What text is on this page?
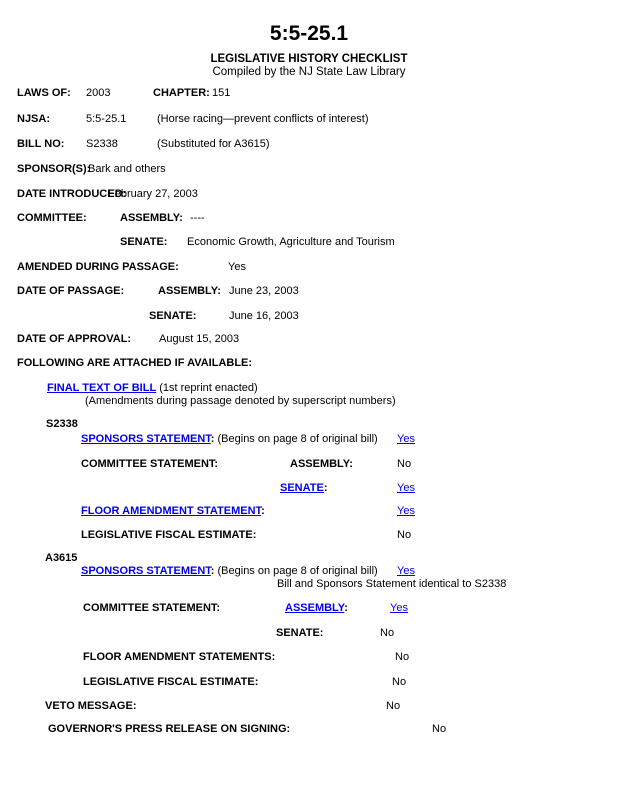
5:5-25.1
LEGISLATIVE HISTORY CHECKLIST
Compiled by the NJ State Law Library
LAWS OF: 2003	CHAPTER: 151
NJSA:	5:5-25.1	(Horse racing—prevent conflicts of interest)
BILL NO: S2338	(Substituted for A3615)
SPONSOR(S):
Bark and others
DATE INTRODUCED:
February 27, 2003
COMMITTEE:	ASSEMBLY: ----
SENATE: Economic Growth, Agriculture and Tourism
AMENDED DURING PASSAGE:	Yes
DATE OF PASSAGE:	ASSEMBLY: June 23, 2003
SENATE:	June 16, 2003
DATE OF APPROVAL:	August 15, 2003
FOLLOWING ARE ATTACHED IF AVAILABLE:
FINAL TEXT OF BILL (1st reprint enacted)
(Amendments during passage denoted by superscript numbers)
S2338
SPONSORS STATEMENT: (Begins on page 8 of original bill) Yes
COMMITTEE STATEMENT:	ASSEMBLY:	No
SENATE:	Yes
FLOOR AMENDMENT STATEMENT:	Yes
LEGISLATIVE FISCAL ESTIMATE:	No
A3615
SPONSORS STATEMENT: (Begins on page 8 of original bill) Yes
Bill and Sponsors Statement identical to S2338
COMMITTEE STATEMENT:	ASSEMBLY:	Yes
SENATE:	No
FLOOR AMENDMENT STATEMENTS:	No
LEGISLATIVE FISCAL ESTIMATE:	No
VETO MESSAGE:	No
GOVERNOR'S PRESS RELEASE ON SIGNING:	No
